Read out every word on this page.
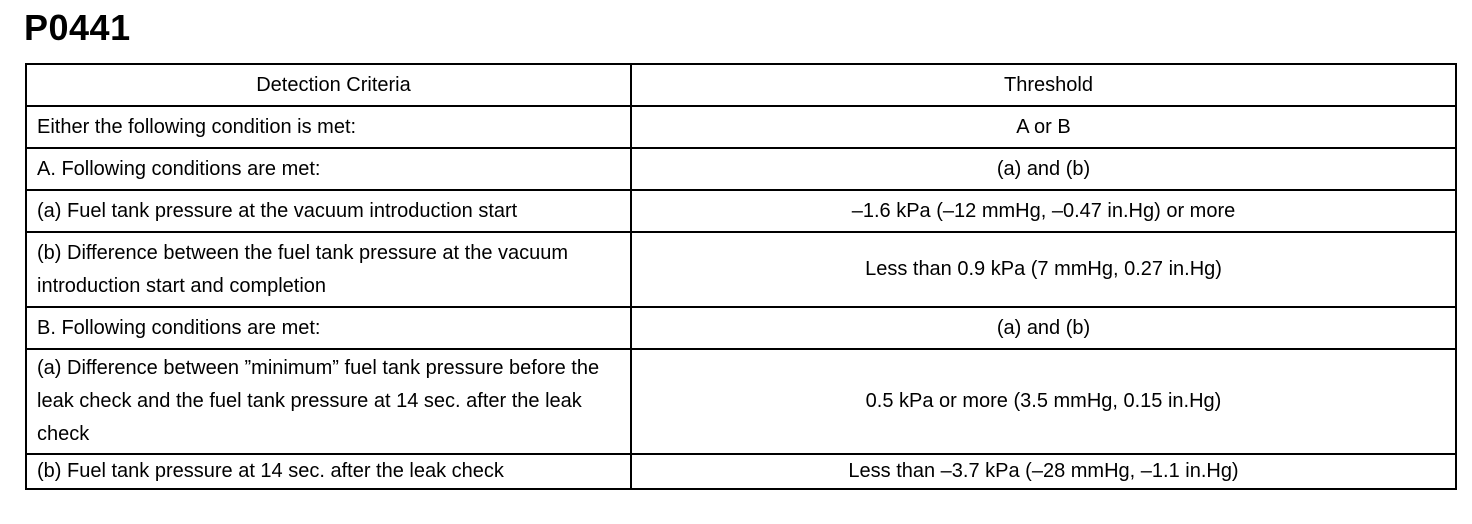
P0441
Detection Criteria	Threshold
Either the following condition is met:	A or B
A. Following conditions are met:	(a) and (b)
(a) Fuel tank pressure at the vacuum introduction start	–1.6 kPa (–12 mmHg, –0.47 in.Hg) or more
(b) Difference between the fuel tank pressure at the vacuum introduction start and completion	Less than 0.9 kPa (7 mmHg, 0.27 in.Hg)
B. Following conditions are met:	(a) and (b)
(a) Difference between ”minimum” fuel tank pressure before the leak check and the fuel tank pressure at 14 sec. after the leak check	0.5 kPa or more (3.5 mmHg, 0.15 in.Hg)
(b) Fuel tank pressure at 14 sec. after the leak check	Less than –3.7 kPa (–28 mmHg, –1.1 in.Hg)
